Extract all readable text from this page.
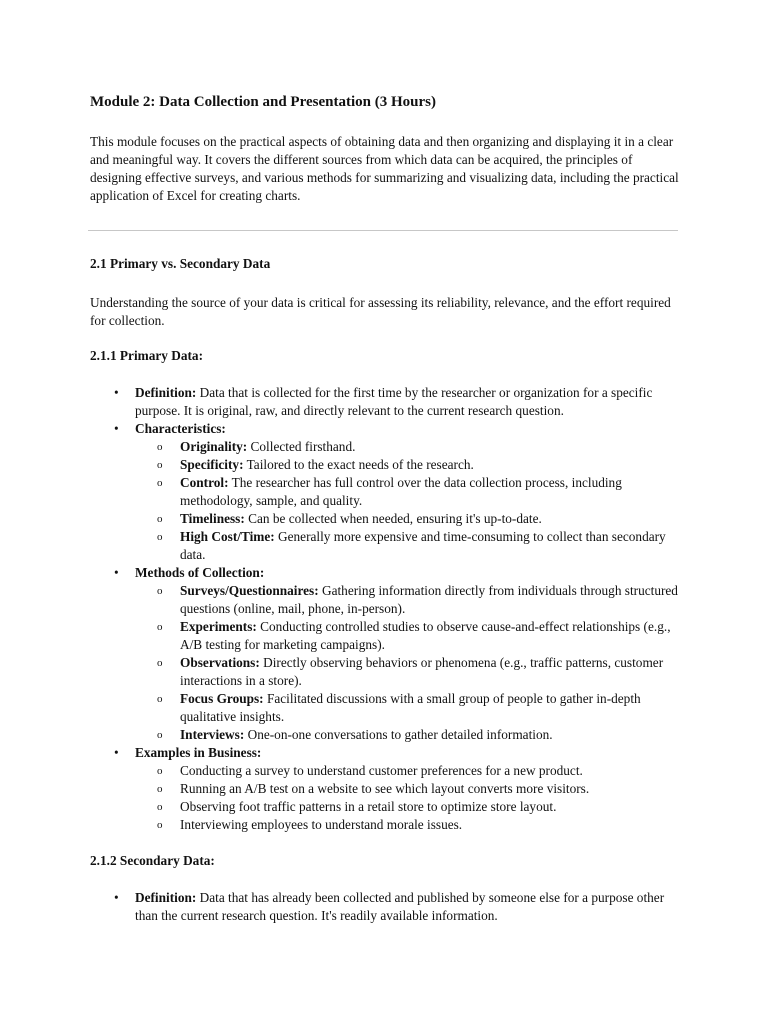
Module 2: Data Collection and Presentation (3 Hours)

This module focuses on the practical aspects of obtaining data and then organizing and displaying it in a clear and meaningful way. It covers the different sources from which data can be acquired, the principles of designing effective surveys, and various methods for summarizing and visualizing data, including the practical application of Excel for creating charts.

2.1 Primary vs. Secondary Data

Understanding the source of your data is critical for assessing its reliability, relevance, and the effort required for collection.

2.1.1 Primary Data:
• Definition: Data that is collected for the first time by the researcher or organization for a specific purpose. It is original, raw, and directly relevant to the current research question.
• Characteristics:
o Originality: Collected firsthand.
o Specificity: Tailored to the exact needs of the research.
o Control: The researcher has full control over the data collection process, including methodology, sample, and quality.
o Timeliness: Can be collected when needed, ensuring it's up-to-date.
o High Cost/Time: Generally more expensive and time-consuming to collect than secondary data.
• Methods of Collection:
o Surveys/Questionnaires: Gathering information directly from individuals through structured questions (online, mail, phone, in-person).
o Experiments: Conducting controlled studies to observe cause-and-effect relationships (e.g., A/B testing for marketing campaigns).
o Observations: Directly observing behaviors or phenomena (e.g., traffic patterns, customer interactions in a store).
o Focus Groups: Facilitated discussions with a small group of people to gather in-depth qualitative insights.
o Interviews: One-on-one conversations to gather detailed information.
• Examples in Business:
o Conducting a survey to understand customer preferences for a new product.
o Running an A/B test on a website to see which layout converts more visitors.
o Observing foot traffic patterns in a retail store to optimize store layout.
o Interviewing employees to understand morale issues.
2.1.2 Secondary Data:
• Definition: Data that has already been collected and published by someone else for a purpose other than the current research question. It's readily available information.
